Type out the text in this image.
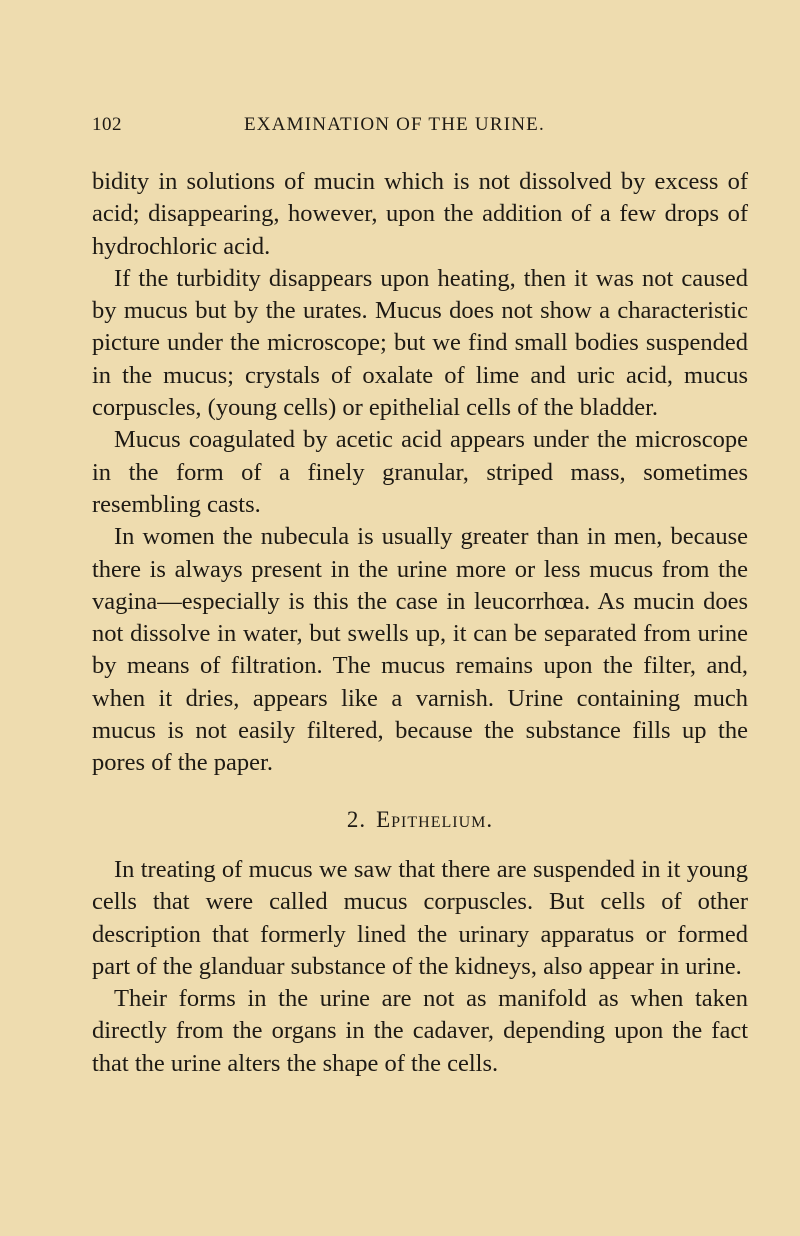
102	EXAMINATION OF THE URINE.

bidity in solutions of mucin which is not dissolved by excess of acid; disappearing, however, upon the addition of a few drops of hydrochloric acid.

If the turbidity disappears upon heating, then it was not caused by mucus but by the urates. Mucus does not show a characteristic picture under the microscope; but we find small bodies suspended in the mucus; crystals of oxalate of lime and uric acid, mucus corpuscles, (young cells) or epithelial cells of the bladder.

Mucus coagulated by acetic acid appears under the microscope in the form of a finely granular, striped mass, sometimes resembling casts.

In women the nubecula is usually greater than in men, because there is always present in the urine more or less mucus from the vagina—especially is this the case in leucorrhœa. As mucin does not dissolve in water, but swells up, it can be separated from urine by means of filtration. The mucus remains upon the filter, and, when it dries, appears like a varnish. Urine containing much mucus is not easily filtered, because the substance fills up the pores of the paper.

2. Epithelium.

In treating of mucus we saw that there are suspended in it young cells that were called mucus corpuscles. But cells of other description that formerly lined the urinary apparatus or formed part of the glanduar substance of the kidneys, also appear in urine.

Their forms in the urine are not as manifold as when taken directly from the organs in the cadaver, depending upon the fact that the urine alters the shape of the cells.
